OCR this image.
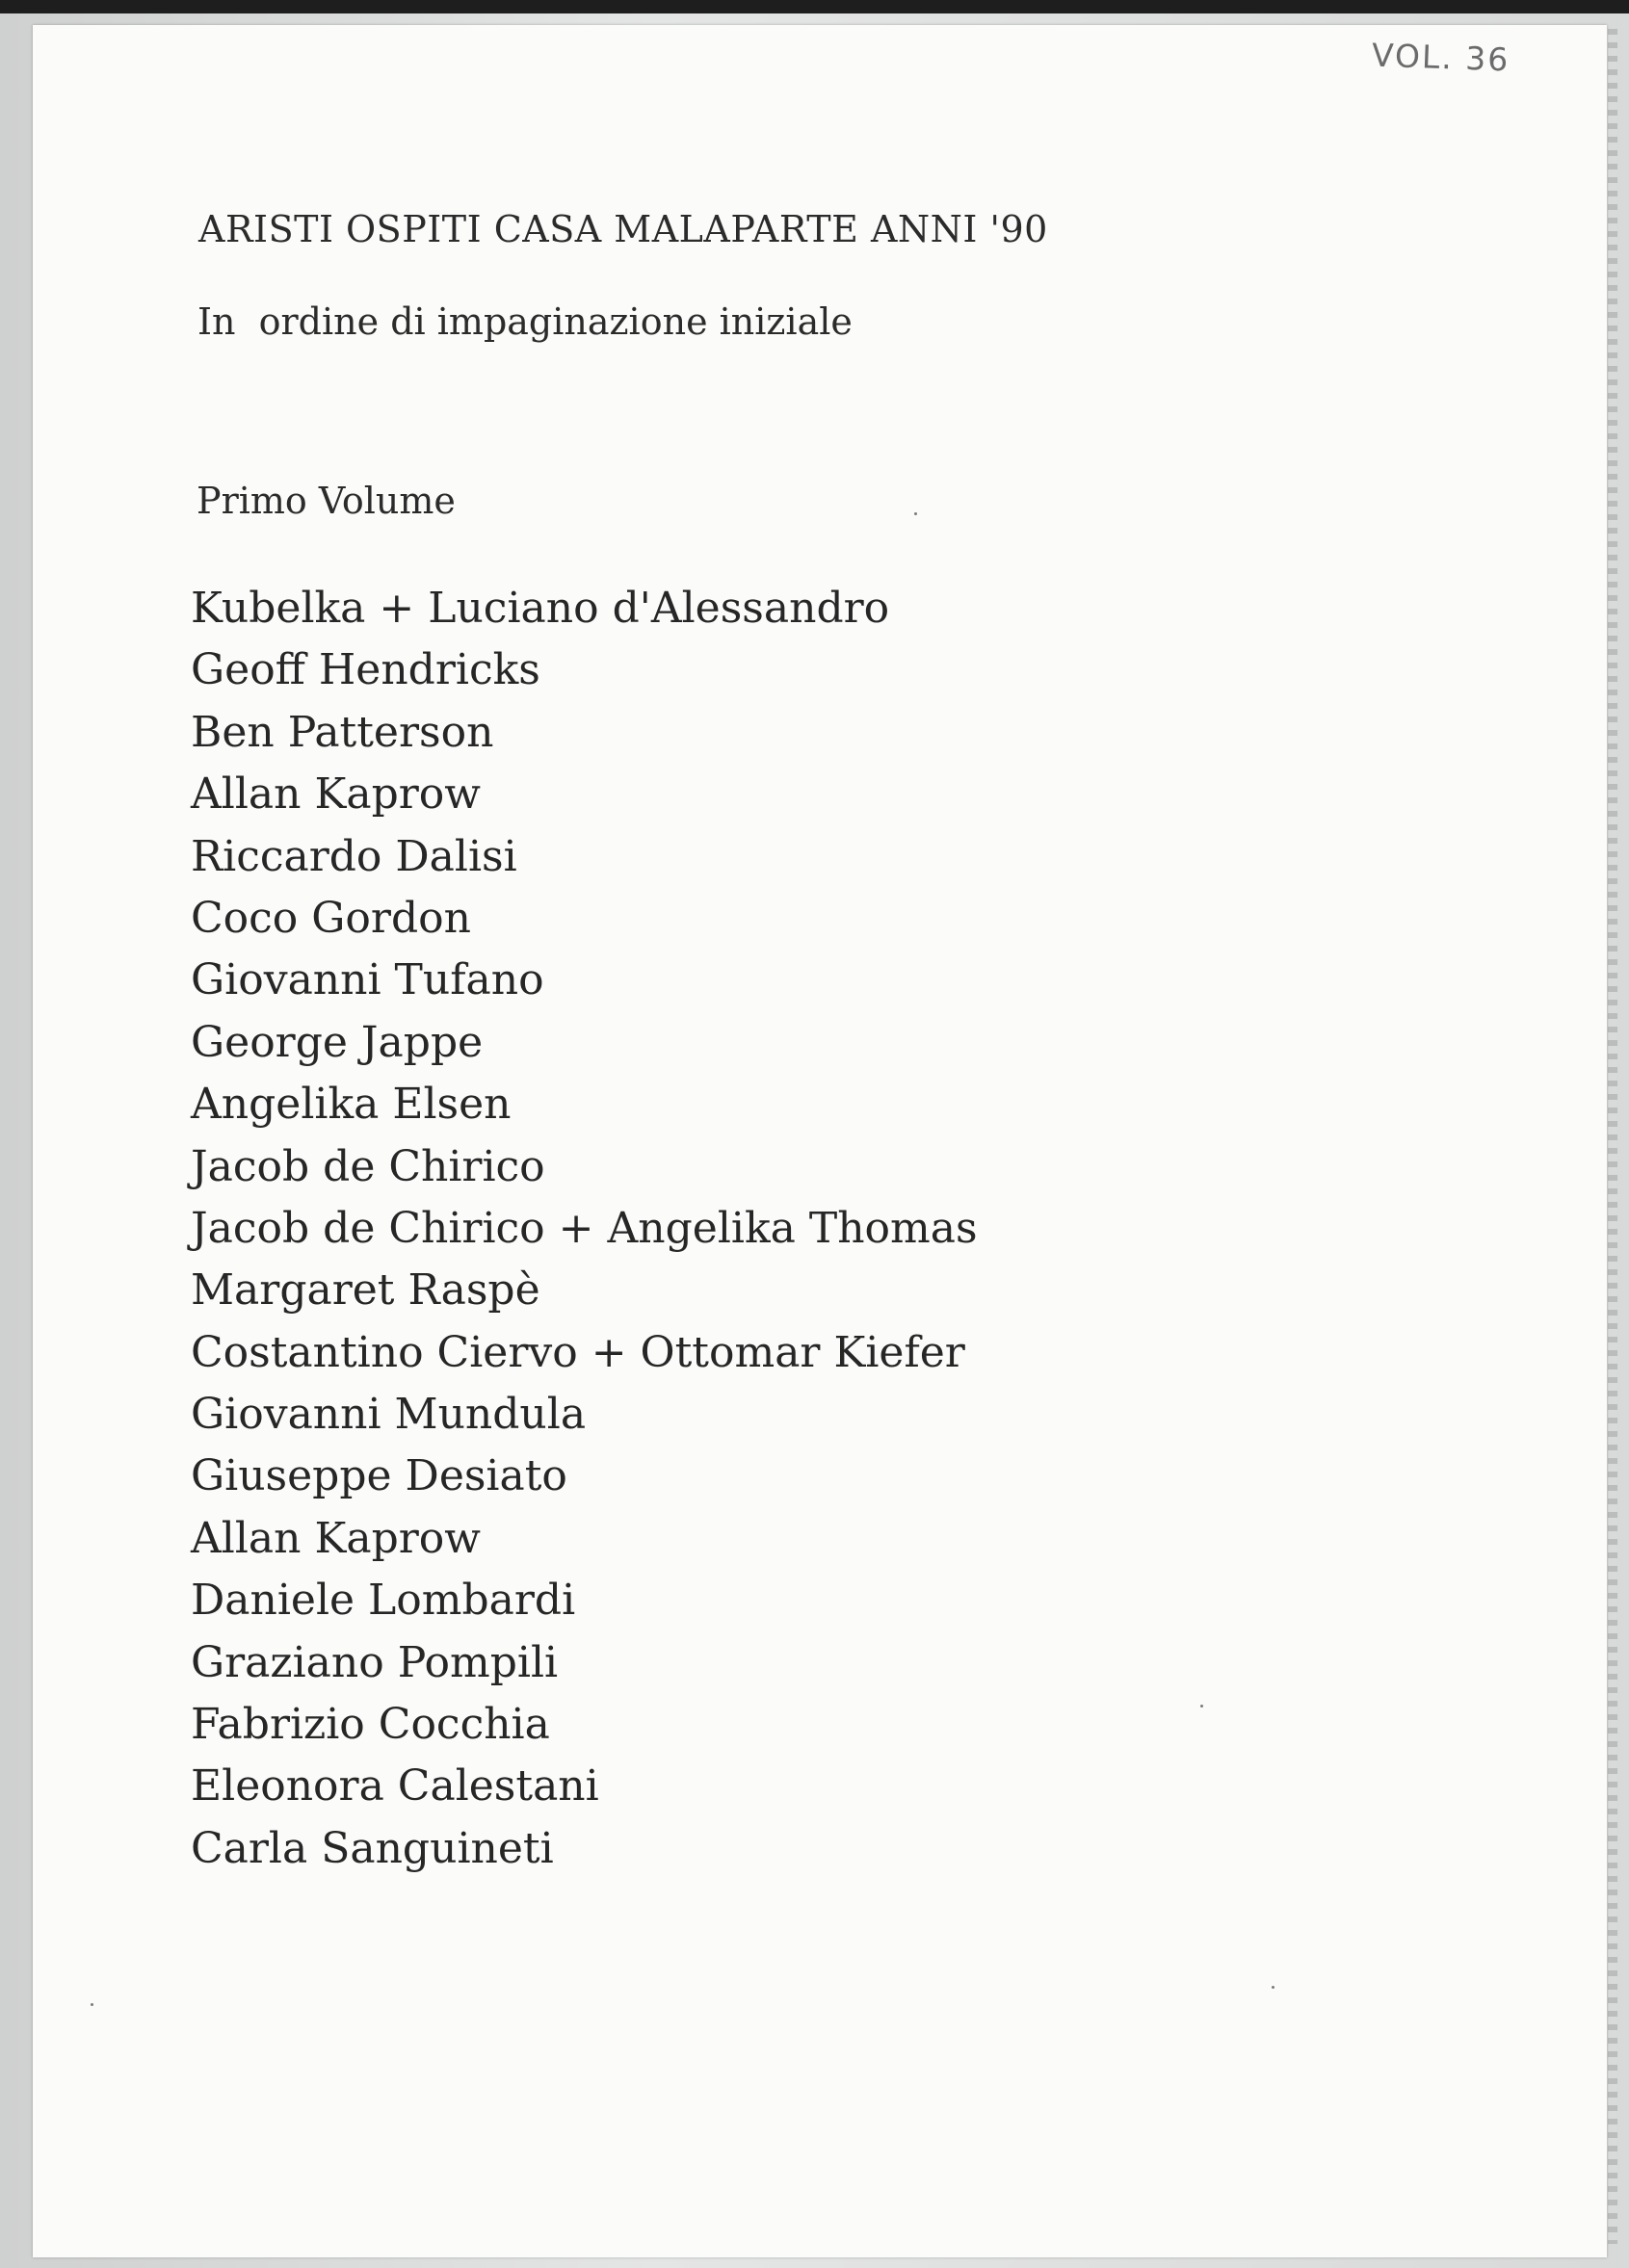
VOL. 36
ARISTI OSPITI CASA MALAPARTE ANNI '90
In  ordine di impaginazione iniziale
Primo Volume
Kubelka + Luciano d'Alessandro
Geoff Hendricks
Ben Patterson
Allan Kaprow
Riccardo Dalisi
Coco Gordon
Giovanni Tufano
George Jappe
Angelika Elsen
Jacob de Chirico
Jacob de Chirico + Angelika Thomas
Margaret Raspè
Costantino Ciervo + Ottomar Kiefer
Giovanni Mundula
Giuseppe Desiato
Allan Kaprow
Daniele Lombardi
Graziano Pompili
Fabrizio Cocchia
Eleonora Calestani
Carla Sanguineti
